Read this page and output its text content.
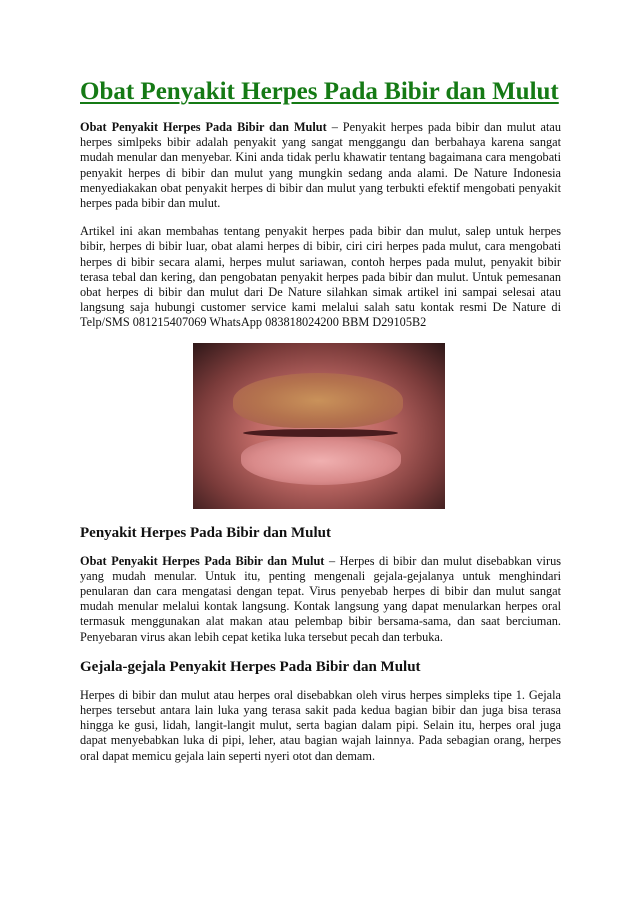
Obat Penyakit Herpes Pada Bibir dan Mulut

Obat Penyakit Herpes Pada Bibir dan Mulut – Penyakit herpes pada bibir dan mulut atau herpes simlpeks bibir adalah penyakit yang sangat menggangu dan berbahaya karena sangat mudah menular dan menyebar. Kini anda tidak perlu khawatir tentang bagaimana cara mengobati penyakit herpes di bibir dan mulut yang mungkin sedang anda alami. De Nature Indonesia menyediakakan obat penyakit herpes di bibir dan mulut yang terbukti efektif mengobati penyakit herpes pada bibir dan mulut.

Artikel ini akan membahas tentang penyakit herpes pada bibir dan mulut, salep untuk herpes bibir, herpes di bibir luar, obat alami herpes di bibir, ciri ciri herpes pada mulut, cara mengobati herpes di bibir secara alami, herpes mulut sariawan, contoh herpes pada mulut, penyakit bibir terasa tebal dan kering, dan pengobatan penyakit herpes pada bibir dan mulut. Untuk pemesanan obat herpes di bibir dan mulut dari De Nature silahkan simak artikel ini sampai selesai atau langsung saja hubungi customer service kami melalui salah satu kontak resmi De Nature di Telp/SMS 081215407069 WhatsApp 083818024200 BBM D29105B2

Penyakit Herpes Pada Bibir dan Mulut

Obat Penyakit Herpes Pada Bibir dan Mulut – Herpes di bibir dan mulut disebabkan virus yang mudah menular. Untuk itu, penting mengenali gejala-gejalanya untuk menghindari penularan dan cara mengatasi dengan tepat. Virus penyebab herpes di bibir dan mulut sangat mudah menular melalui kontak langsung. Kontak langsung yang dapat menularkan herpes oral termasuk menggunakan alat makan atau pelembap bibir bersama-sama, dan saat berciuman. Penyebaran virus akan lebih cepat ketika luka tersebut pecah dan terbuka.

Gejala-gejala Penyakit Herpes Pada Bibir dan Mulut

Herpes di bibir dan mulut atau herpes oral disebabkan oleh virus herpes simpleks tipe 1. Gejala herpes tersebut antara lain luka yang terasa sakit pada kedua bagian bibir dan juga bisa terasa hingga ke gusi, lidah, langit-langit mulut, serta bagian dalam pipi. Selain itu, herpes oral juga dapat menyebabkan luka di pipi, leher, atau bagian wajah lainnya. Pada sebagian orang, herpes oral dapat memicu gejala lain seperti nyeri otot dan demam.
